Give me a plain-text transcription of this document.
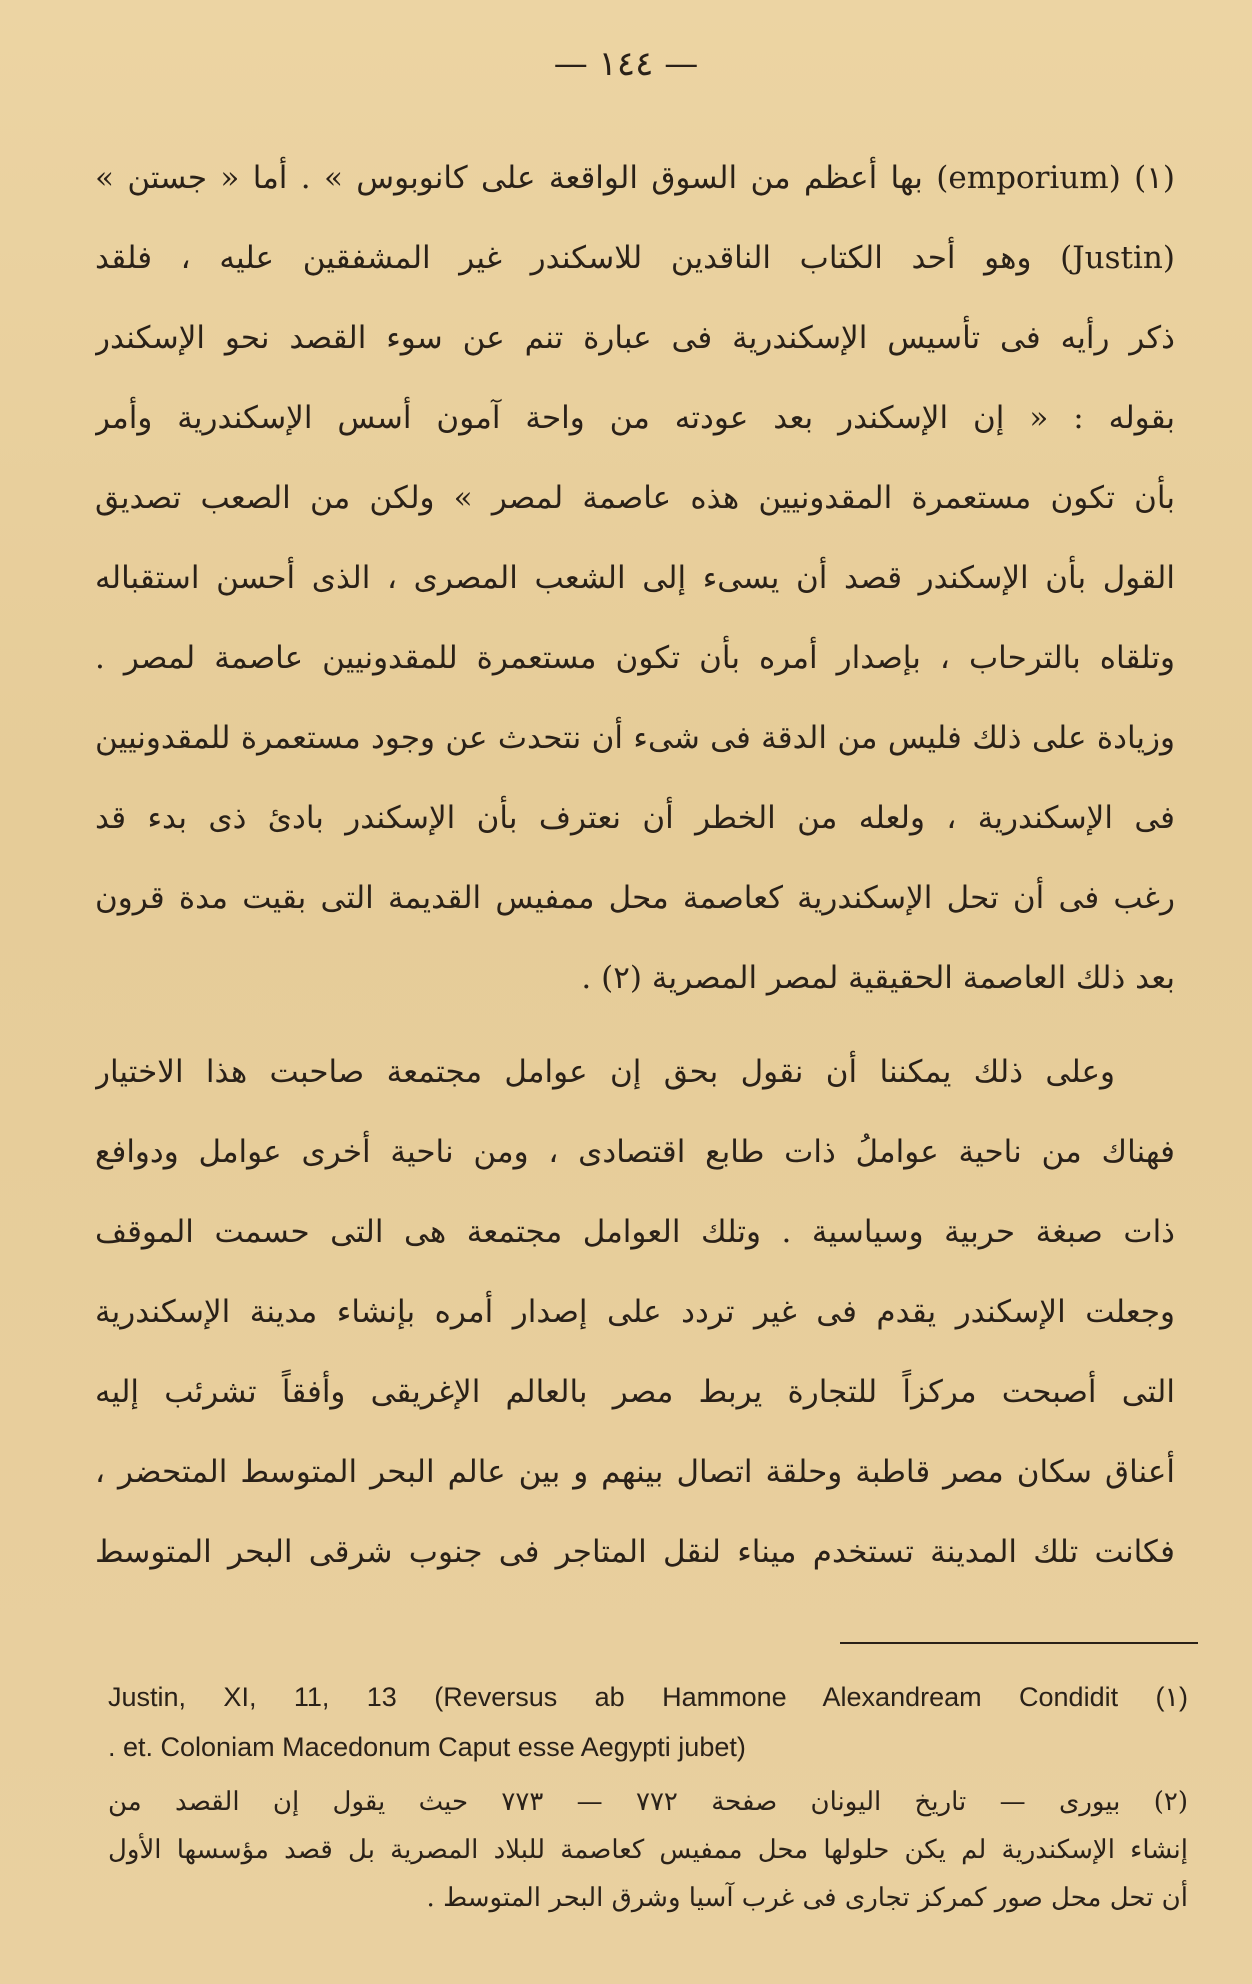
— ١٤٤ —
(١) (emporium) بها أعظم من السوق الواقعة على كانوبوس » . أما « جستن »
(Justin) وهو أحد الكتاب الناقدين للاسكندر غير المشفقين عليه ، فلقد
ذكر رأيه فى تأسيس الإسكندرية فى عبارة تنم عن سوء القصد نحو الإسكندر
بقوله : « إن الإسكندر بعد عودته من واحة آمون أسس الإسكندرية وأمر
بأن تكون مستعمرة المقدونيين هذه عاصمة لمصر » ولكن من الصعب تصديق
القول بأن الإسكندر قصد أن يسىء إلى الشعب المصرى ، الذى أحسن استقباله
وتلقاه بالترحاب ، بإصدار أمره بأن تكون مستعمرة للمقدونيين عاصمة لمصر .
وزيادة على ذلك فليس من الدقة فى شىء أن نتحدث عن وجود مستعمرة للمقدونيين
فى الإسكندرية ، ولعله من الخطر أن نعترف بأن الإسكندر بادئ ذى بدء قد
رغب فى أن تحل الإسكندرية كعاصمة محل ممفيس القديمة التى بقيت مدة قرون
بعد ذلك العاصمة الحقيقية لمصر المصرية (٢) .
وعلى ذلك يمكننا أن نقول بحق إن عوامل مجتمعة صاحبت هذا الاختيار
فهناك من ناحية عواملُ ذات طابع اقتصادى ، ومن ناحية أخرى عوامل ودوافع
ذات صبغة حربية وسياسية . وتلك العوامل مجتمعة هى التى حسمت الموقف
وجعلت الإسكندر يقدم فى غير تردد على إصدار أمره بإنشاء مدينة الإسكندرية
التى أصبحت مركزاً للتجارة يربط مصر بالعالم الإغريقى وأفقاً تشرئب إليه
أعناق سكان مصر قاطبة وحلقة اتصال بينهم و بين عالم البحر المتوسط المتحضر ،
فكانت تلك المدينة تستخدم ميناء لنقل المتاجر فى جنوب شرقى البحر المتوسط
Justin, XI, 11, 13 (Reversus ab Hammone Alexandream Condidit (١)
. et. Coloniam Macedonum Caput esse Aegypti jubet)
(٢) بيورى — تاريخ اليونان صفحة ٧٧٢ — ٧٧٣ حيث يقول إن القصد من
إنشاء الإسكندرية لم يكن حلولها محل ممفيس كعاصمة للبلاد المصرية بل قصد مؤسسها الأول
أن تحل محل صور كمركز تجارى فى غرب آسيا وشرق البحر المتوسط .
